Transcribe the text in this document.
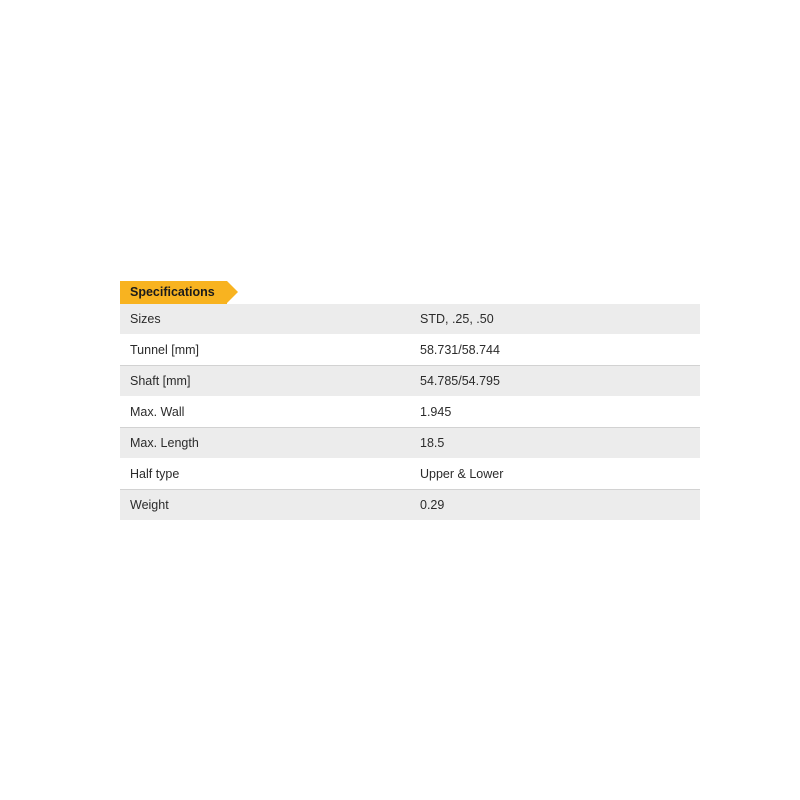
Specifications
Sizes	STD, .25, .50
Tunnel [mm]	58.731/58.744
Shaft [mm]	54.785/54.795
Max. Wall	1.945
Max. Length	18.5
Half type	Upper & Lower
Weight	0.29
